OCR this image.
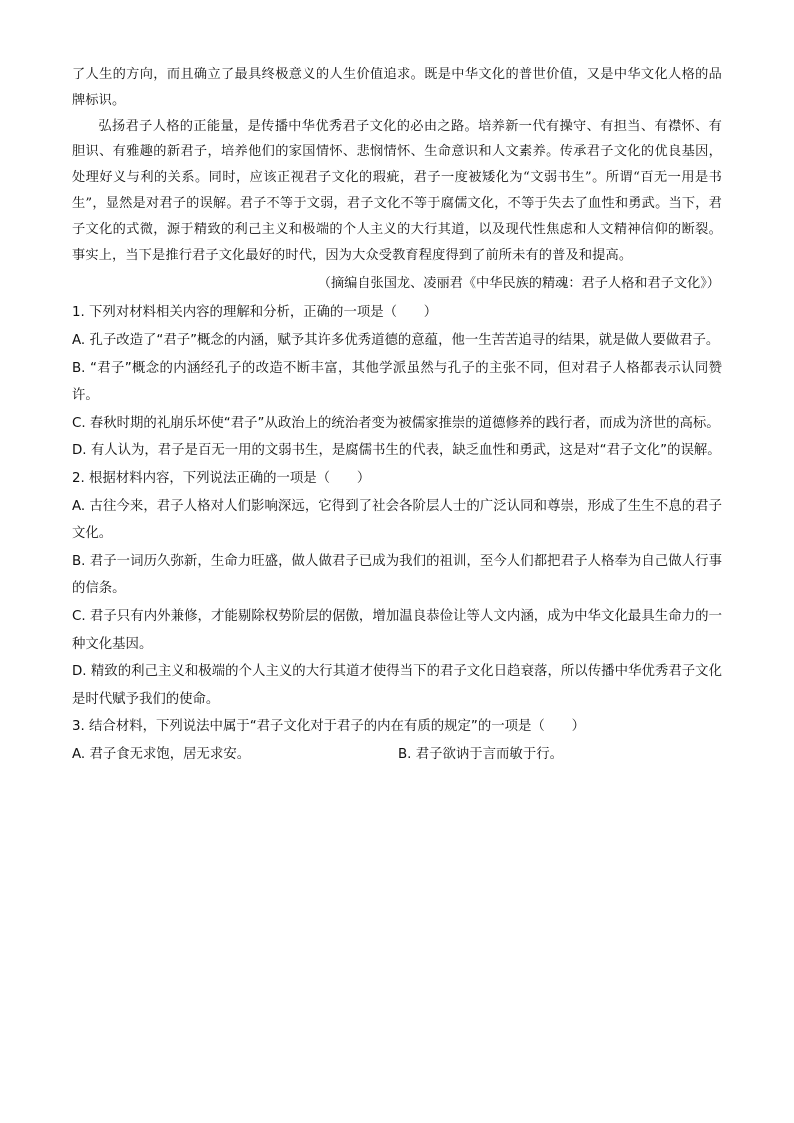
了人生的方向，而且确立了最具终极意义的人生价值追求。既是中华文化的普世价值，又是中华文化人格的品牌标识。

弘扬君子人格的正能量，是传播中华优秀君子文化的必由之路。培养新一代有操守、有担当、有襟怀、有胆识、有雅趣的新君子，培养他们的家国情怀、悲悯情怀、生命意识和人文素养。传承君子文化的优良基因，处理好义与利的关系。同时，应该正视君子文化的瑕疵，君子一度被矮化为“文弱书生”。所谓“百无一用是书生”，显然是对君子的误解。君子不等于文弱，君子文化不等于腐儒文化，不等于失去了血性和勇武。当下，君子文化的式微，源于精致的利己主义和极端的个人主义的大行其道，以及现代性焦虑和人文精神信仰的断裂。事实上，当下是推行君子文化最好的时代，因为大众受教育程度得到了前所未有的普及和提高。

（摘编自张国龙、凌丽君《中华民族的精魂：君子人格和君子文化》）

1. 下列对材料相关内容的理解和分析，正确的一项是（　　）

A. 孔子改造了“君子”概念的内涵，赋予其许多优秀道德的意蕴，他一生苦苦追寻的结果，就是做人要做君子。

B. “君子”概念的内涵经孔子的改造不断丰富，其他学派虽然与孔子的主张不同，但对君子人格都表示认同赞许。

C. 春秋时期的礼崩乐坏使“君子”从政治上的统治者变为被儒家推崇的道德修养的践行者，而成为济世的高标。

D. 有人认为，君子是百无一用的文弱书生，是腐儒书生的代表，缺乏血性和勇武，这是对“君子文化”的误解。

2. 根据材料内容，下列说法正确的一项是（　　）

A. 古往今来，君子人格对人们影响深远，它得到了社会各阶层人士的广泛认同和尊崇，形成了生生不息的君子文化。

B. 君子一词历久弥新，生命力旺盛，做人做君子已成为我们的祖训，至今人们都把君子人格奉为自己做人行事的信条。

C. 君子只有内外兼修，才能剔除权势阶层的倨傲，增加温良恭俭让等人文内涵，成为中华文化最具生命力的一种文化基因。

D. 精致的利己主义和极端的个人主义的大行其道才使得当下的君子文化日趋衰落，所以传播中华优秀君子文化是时代赋予我们的使命。

3. 结合材料，下列说法中属于“君子文化对于君子的内在有质的规定”的一项是（　　）

A. 君子食无求饱，居无求安。	B. 君子欲讷于言而敏于行。
